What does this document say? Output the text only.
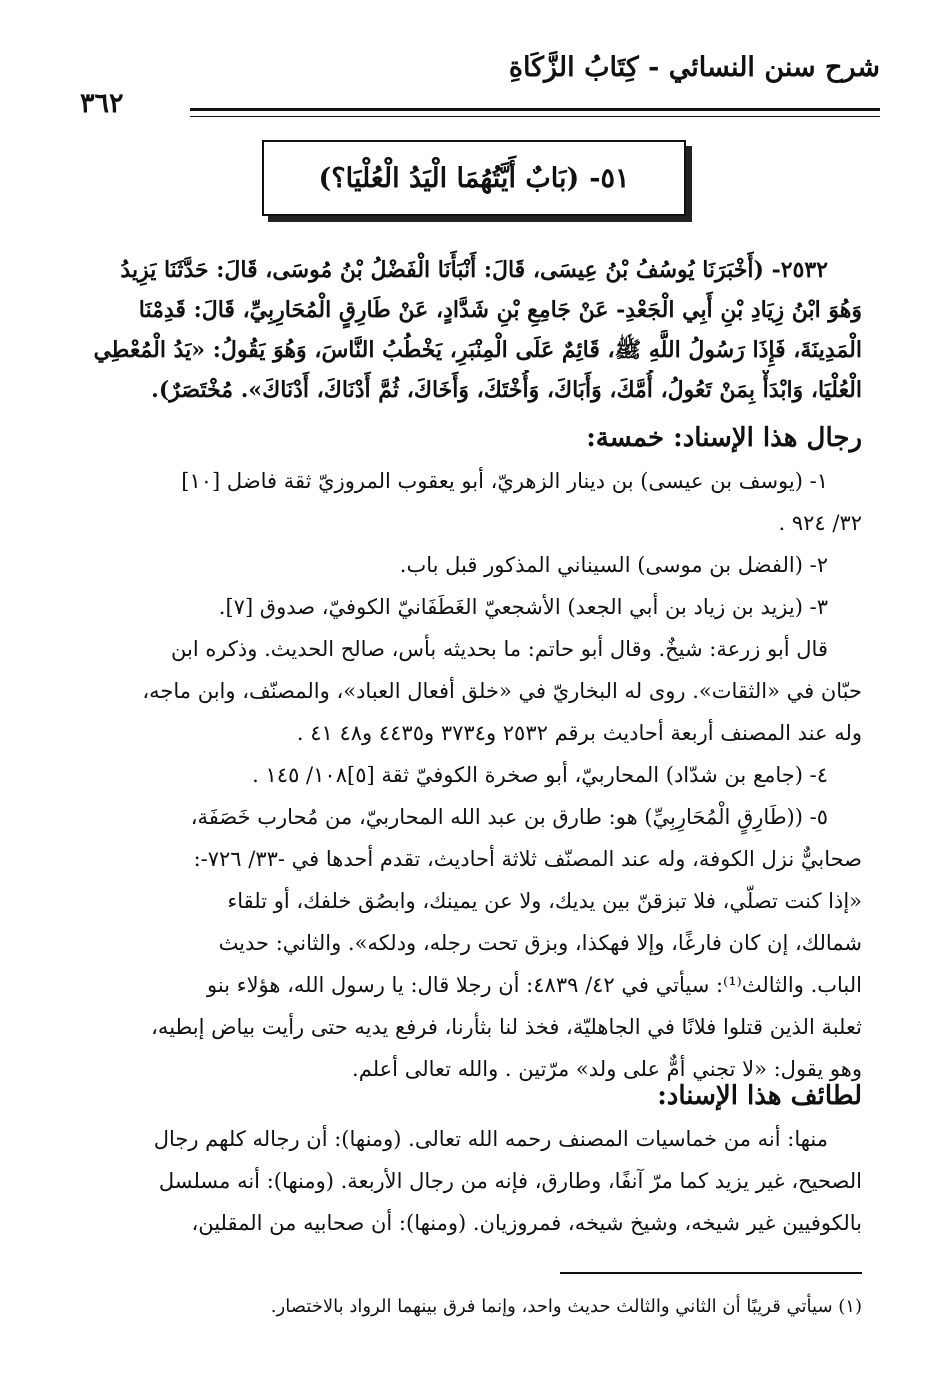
شرح سنن النسائي - كِتَابُ الزَّكَاةِ
٣٦٢
٥١-
(بَابٌ أَيَّتُهُمَا الْيَدُ الْعُلْيَا؟)
٢٥٣٢- (أَخْبَرَنَا يُوسُفُ بْنُ عِيسَى، قَالَ: أَنْبَأَنَا الْفَضْلُ بْنُ مُوسَى، قَالَ: حَدَّثَنَا يَزِيدُ
وَهُوَ ابْنُ زِيَادِ بْنِ أَبِي الْجَعْدِ- عَنْ جَامِعِ بْنِ شَدَّادٍ، عَنْ طَارِقٍ الْمُحَارِبِيِّ، قَالَ: قَدِمْنَا
الْمَدِينَةَ، فَإِذَا رَسُولُ اللَّهِ ﷺ، قَائِمٌ عَلَى الْمِنْبَرِ، يَخْطُبُ النَّاسَ، وَهُوَ يَقُولُ: «يَدُ الْمُعْطِي
الْعُلْيَا، وَابْدَأْ بِمَنْ تَعُولُ، أُمَّكَ، وَأَبَاكَ، وَأُخْتَكَ، وَأَخَاكَ، ثُمَّ أَدْنَاكَ، أَدْنَاكَ». مُخْتَصَرٌ).
رجال هذا الإسناد: خمسة:
١- (يوسف بن عيسى) بن دينار الزهريّ، أبو يعقوب المروزيّ ثقة فاضل [١٠]
٣٢/ ٩٢٤ .
٢- (الفضل بن موسى) السيناني المذكور قبل باب.
٣- (يزيد بن زياد بن أبي الجعد) الأشجعيّ الغَطَفَانيّ الكوفيّ، صدوق [٧].
قال أبو زرعة: شيخٌ. وقال أبو حاتم: ما بحديثه بأس، صالح الحديث. وذكره ابن
حبّان في «الثقات». روى له البخاريّ في «خلق أفعال العباد»، والمصنّف، وابن ماجه،
وله عند المصنف أربعة أحاديث برقم ٢٥٣٢ و٣٧٣٤ و٤٤٣٥ و٤٨ ٤١ .
٤- (جامع بن شدّاد) المحاربيّ، أبو صخرة الكوفيّ ثقة [٥]١٠٨/ ١٤٥ .
٥- ((طَارِقٍ الْمُحَارِبِيِّ) هو: طارق بن عبد الله المحاربيّ، من مُحارب خَصَفَة،
صحابيٌّ نزل الكوفة، وله عند المصنّف ثلاثة أحاديث، تقدم أحدها في -٣٣/ ٧٢٦-:
«إذا كنت تصلّي، فلا تبزقنّ بين يديك، ولا عن يمينك، وابصُق خلفك، أو تلقاء
شمالك، إن كان فارغًا، وإلا فهكذا، وبزق تحت رجله، ودلكه». والثاني: حديث
الباب. والثالث⁽¹⁾: سيأتي في ٤٢/ ٤٨٣٩: أن رجلا قال: يا رسول الله، هؤلاء بنو
ثعلبة الذين قتلوا فلانًا في الجاهليّة، فخذ لنا بثأرنا، فرفع يديه حتى رأيت بياض إبطيه،
وهو يقول: «لا تجني أمٌّ على ولد» مرّتين . والله تعالى أعلم.
لطائف هذا الإسناد:
منها: أنه من خماسيات المصنف رحمه الله تعالى. (ومنها): أن رجاله كلهم رجال
الصحيح، غير يزيد كما مرّ آنفًا، وطارق، فإنه من رجال الأربعة. (ومنها): أنه مسلسل
بالكوفيين غير شيخه، وشيخ شيخه، فمروزيان. (ومنها): أن صحابيه من المقلين،
(١) سيأتي قريبًا أن الثاني والثالث حديث واحد، وإنما فرق بينهما الرواد بالاختصار.
